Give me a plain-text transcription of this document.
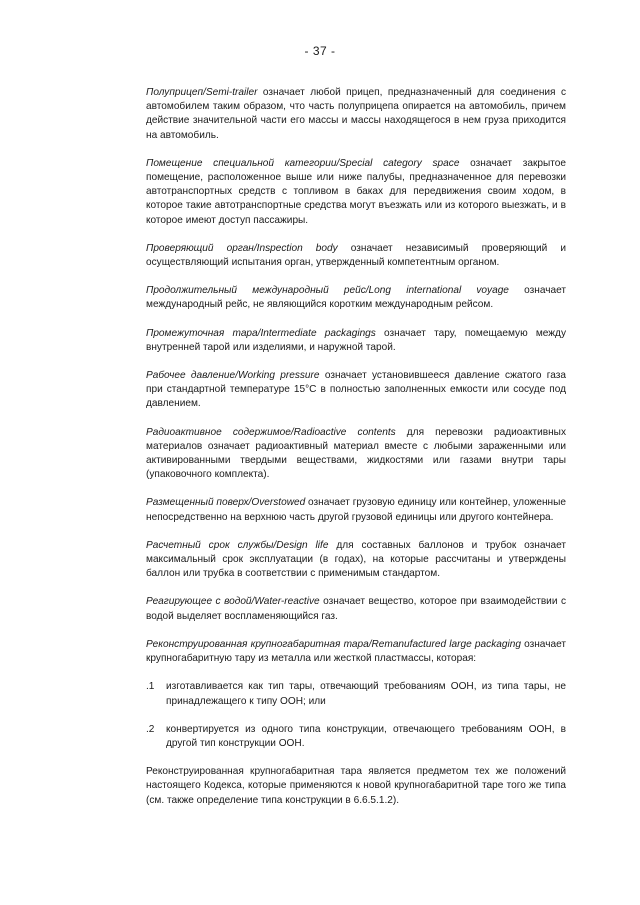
- 37 -

Полуприцеп/Semi-trailer означает любой прицеп, предназначенный для соединения с автомобилем таким образом, что часть полуприцепа опирается на автомобиль, причем действие значительной части его массы и массы находящегося в нем груза приходится на автомобиль.

Помещение специальной категории/Special category space означает закрытое помещение, расположенное выше или ниже палубы, предназначенное для перевозки автотранспортных средств с топливом в баках для передвижения своим ходом, в которое такие автотранспортные средства могут въезжать или из которого выезжать, и в которое имеют доступ пассажиры.

Проверяющий орган/Inspection body означает независимый проверяющий и осуществляющий испытания орган, утвержденный компетентным органом.

Продолжительный международный рейс/Long international voyage означает международный рейс, не являющийся коротким международным рейсом.

Промежуточная тара/Intermediate packagings означает тару, помещаемую между внутренней тарой или изделиями, и наружной тарой.

Рабочее давление/Working pressure означает установившееся давление сжатого газа при стандартной температуре 15°C в полностью заполненных емкости или сосуде под давлением.

Радиоактивное содержимое/Radioactive contents для перевозки радиоактивных материалов означает радиоактивный материал вместе с любыми зараженными или активированными твердыми веществами, жидкостями или газами внутри тары (упаковочного комплекта).

Размещенный поверх/Overstowed означает грузовую единицу или контейнер, уложенные непосредственно на верхнюю часть другой грузовой единицы или другого контейнера.

Расчетный срок службы/Design life для составных баллонов и трубок означает максимальный срок эксплуатации (в годах), на которые рассчитаны и утверждены баллон или трубка в соответствии с применимым стандартом.

Реагирующее с водой/Water-reactive означает вещество, которое при взаимодействии с водой выделяет воспламеняющийся газ.

Реконструированная крупногабаритная тара/Remanufactured large packaging означает крупногабаритную тару из металла или жесткой пластмассы, которая:

.1	изготавливается как тип тары, отвечающий требованиям ООН, из типа тары, не принадлежащего к типу ООН; или
.2	конвертируется из одного типа конструкции, отвечающего требованиям ООН, в другой тип конструкции ООН.

Реконструированная крупногабаритная тара является предметом тех же положений настоящего Кодекса, которые применяются к новой крупногабаритной таре того же типа (см. также определение типа конструкции в 6.6.5.1.2).
